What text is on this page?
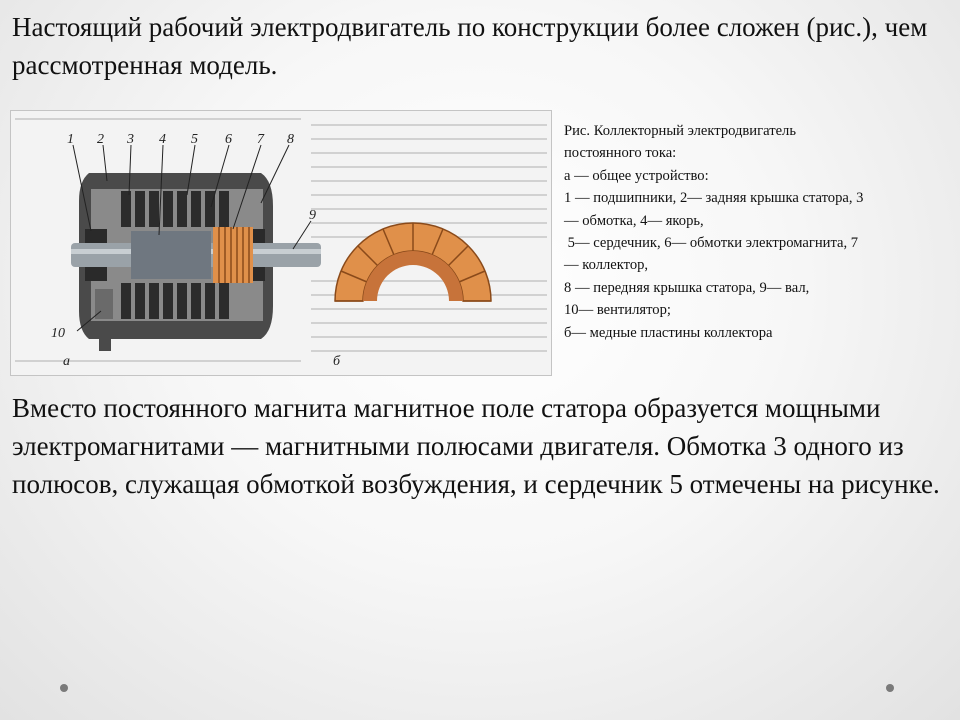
Настоящий рабочий электродвигатель по конструкции более сложен (рис.), чем рассмотренная модель.

1 2 3 4 5 6 7 8
9
10
а	б
Рис. Коллекторный электродвигатель
постоянного тока:
а — общее устройство:
1 — подшипники, 2— задняя крышка статора, 3
— обмотка, 4— якорь,
5— сердечник, 6— обмотки электромагнита, 7
— коллектор,
8 — передняя крышка статора, 9— вал,
10— вентилятор;
б— медные пластины коллектора

Вместо постоянного магнита магнитное поле статора образуется мощными электромагнитами — магнитными полюсами двигателя. Обмотка 3 одного из полюсов, служащая обмоткой возбуждения, и сердечник 5 отмечены на рисунке.
